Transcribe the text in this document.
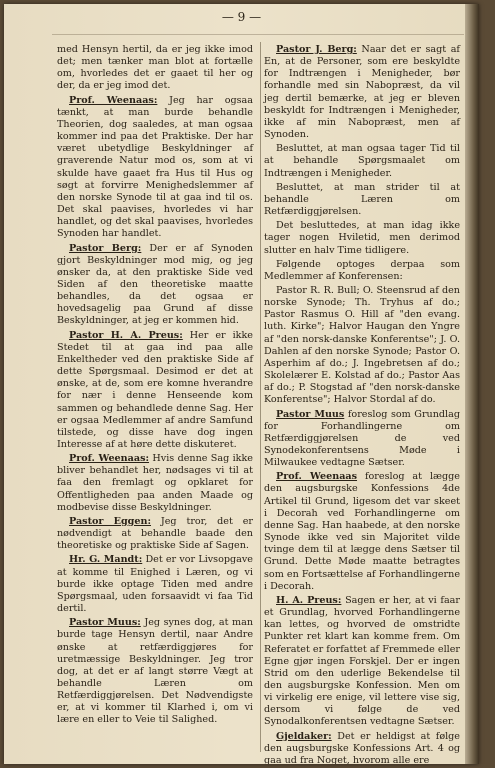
— 9 —

med Hensyn hertil, da er jeg ikke imod det; men tænker man blot at fortælle om, hvorledes det er gaaet til her og der, da er jeg imod det.

Prof. Weenaas: Jeg har ogsaa tænkt, at man burde behandle Theorien, dog saaledes, at man ogsaa kommer ind paa det Praktiske. Der har været ubetydlige Beskyldninger af graverende Natur mod os, som at vi skulde have gaaet fra Hus til Hus og søgt at forvirre Menighedslemmer af den norske Synode til at gaa ind til os. Det skal paavises, hvorledes vi har handlet, og det skal paavises, hvorledes Synoden har handlet.

Pastor Berg: Der er af Synoden gjort Beskyldninger mod mig, og jeg ønsker da, at den praktiske Side ved Siden af den theoretiske maatte behandles, da det ogsaa er hovedsagelig paa Grund af disse Beskyldninger, at jeg er kommen hid.

Pastor H. A. Preus: Her er ikke Stedet til at gaa ind paa alle Enkeltheder ved den praktiske Side af dette Spørgsmaal. Desimod er det at ønske, at de, som ere komne hverandre for nær i denne Henseende kom sammen og behandlede denne Sag. Her er ogsaa Medlemmer af andre Samfund tilstede, og disse have dog ingen Interesse af at høre dette diskuteret.

Prof. Weenaas: Hvis denne Sag ikke bliver behandlet her, nødsages vi til at faa den fremlagt og opklaret for Offentligheden paa anden Maade og modbevise disse Beskyldninger.

Pastor Eggen: Jeg tror, det er nødvendigt at behandle baade den theoretiske og praktiske Side af Sagen.

Hr. G. Mandt: Det er vor Livsopgave at komme til Enighed i Læren, og vi burde ikke optage Tiden med andre Spørgsmaal, uden forsaavidt vi faa Tid dertil.

Pastor Muus: Jeg synes dog, at man burde tage Hensyn dertil, naar Andre ønske at retfærdiggjøres for uretmæssige Beskyldninger. Jeg tror dog, at det er af langt større Vægt at behandle Læren om Retfærdiggjørelsen. Det Nødvendigste er, at vi kommer til Klarhed i, om vi lære en eller to Veie til Salighed.

Pastor J. Berg: Naar det er sagt af En, at de Personer, som ere beskyldte for Indtrængen i Menigheder, bør forhandle med sin Nabopræst, da vil jeg dertil bemærke, at jeg er bleven beskyldt for Indtrængen i Menigheder, ikke af min Nabopræst, men af Synoden.

Besluttet, at man ogsaa tager Tid til at behandle Spørgsmaalet om Indtrængen i Menigheder.

Besluttet, at man strider til at behandle Læren om Retfærdiggjørelsen.

Det besluttedes, at man idag ikke tager nogen Hviletid, men derimod slutter en halv Time tidligere.

Følgende optoges derpaa som Medlemmer af Konferensen:

Pastor R. R. Bull; O. Steensrud af den norske Synode; Th. Tryhus af do.; Pastor Rasmus O. Hill af "den evang. luth. Kirke"; Halvor Haugan den Yngre af "den norsk-danske Konferentse"; J. O. Dahlen af den norske Synode; Pastor O. Asperhim af do.; J. Ingebretsen af do.; Skolelærer E. Kolstad af do.; Pastor Aas af do.; P. Stogstad af "den norsk-danske Konferentse"; Halvor Stordal af do.

Pastor Muus foreslog som Grundlag for Forhandlingerne om Retfærdiggjørelsen de ved Synodekonferentsens Møde i Milwaukee vedtagne Sætser.

Prof. Weenaas foreslog at lægge den augsburgske Konfessions 4de Artikel til Grund, ligesom det var skeet i Decorah ved Forhandlingerne om denne Sag. Han haabede, at den norske Synode ikke ved sin Majoritet vilde tvinge dem til at lægge dens Sætser til Grund. Dette Møde maatte betragtes som en Fortsættelse af Forhandlingerne i Decorah.

H. A. Preus: Sagen er her, at vi faar et Grundlag, hvorved Forhandlingerne kan lettes, og hvorved de omstridte Punkter ret klart kan komme frem. Om Referatet er forfattet af Fremmede eller Egne gjør ingen Forskjel. Der er ingen Strid om den uderlige Bekendelse til den augsburgske Konfession. Men om vi virkelig ere enige, vil lettere vise sig, dersom vi følge de ved Synodalkonferentsen vedtagne Sætser.

Gjeldaker: Det er heldigst at følge den augsburgske Konfessions Art. 4 og gaa ud fra Noget, hvorom alle ere
